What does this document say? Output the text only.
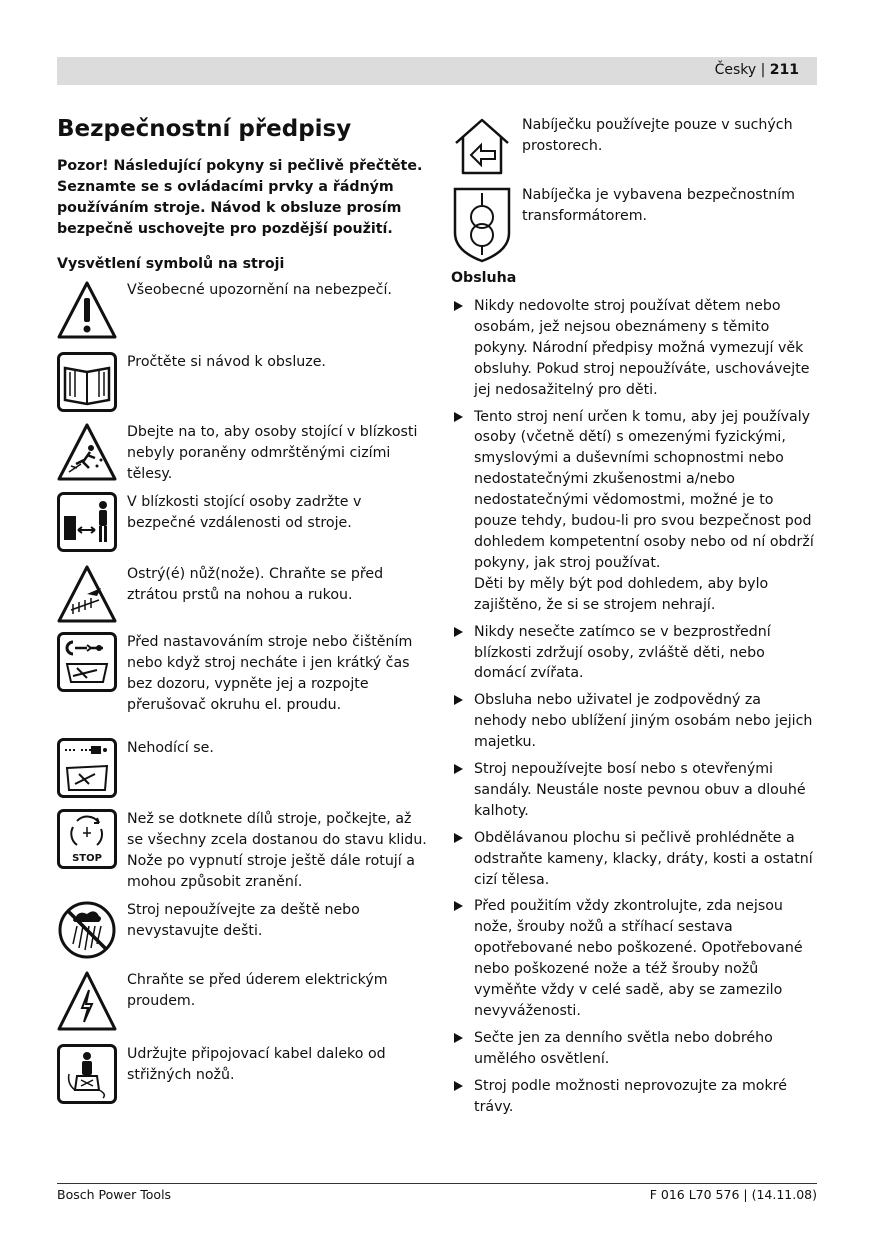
Česky | 211
Bezpečnostní předpisy

Pozor! Následující pokyny si pečlivě přečtěte. Seznamte se s ovládacími prvky a řádným používáním stroje. Návod k obsluze prosím bezpečně uschovejte pro pozdější použití.

Vysvětlení symbolů na stroji

Všeobecné upozornění na nebezpečí.
Pročtěte si návod k obsluze.
Dbejte na to, aby osoby stojící v blízkosti nebyly poraněny odmrštěnými cizími tělesy.
V blízkosti stojící osoby zadržte v bezpečné vzdálenosti od stroje.
Ostrý(é) nůž(nože). Chraňte se před ztrátou prstů na nohou a rukou.
Před nastavováním stroje nebo čištěním nebo když stroj necháte i jen krátký čas bez dozoru, vypněte jej a rozpojte přerušovač okruhu el. proudu.
Nehodící se.
STOP
Než se dotknete dílů stroje, počkejte, až se všechny zcela dostanou do stavu klidu. Nože po vypnutí stroje ještě dále rotují a mohou způsobit zranění.
Stroj nepoužívejte za deště nebo nevystavujte dešti.
Chraňte se před úderem elektrickým proudem.
Udržujte připojovací kabel daleko od střižných nožů.
Nabíječku používejte pouze v suchých prostorech.
Nabíječka je vybavena bezpečnostním transformátorem.
Obsluha
Nikdy nedovolte stroj používat dětem nebo osobám, jež nejsou obeznámeny s těmito pokyny. Národní předpisy možná vymezují věk obsluhy. Pokud stroj nepoužíváte, uschovávejte jej nedosažitelný pro děti.
Tento stroj není určen k tomu, aby jej používaly osoby (včetně dětí) s omezenými fyzickými, smyslovými a duševními schopnostmi nebo nedostatečnými zkušenostmi a/nebo nedostatečnými vědomostmi, možné je to pouze tehdy, budou-li pro svou bezpečnost pod dohledem kompetentní osoby nebo od ní obdrží pokyny, jak stroj používat.
Děti by měly být pod dohledem, aby bylo zajištěno, že si se strojem nehrají.
Nikdy nesečte zatímco se v bezprostřední blízkosti zdržují osoby, zvláště děti, nebo domácí zvířata.
Obsluha nebo uživatel je zodpovědný za nehody nebo ublížení jiným osobám nebo jejich majetku.
Stroj nepoužívejte bosí nebo s otevřenými sandály. Neustále noste pevnou obuv a dlouhé kalhoty.
Obdělávanou plochu si pečlivě prohlédněte a odstraňte kameny, klacky, dráty, kosti a ostatní cizí tělesa.
Před použitím vždy zkontrolujte, zda nejsou nože, šrouby nožů a stříhací sestava opotřebované nebo poškozené. Opotřebované nebo poškozené nože a též šrouby nožů vyměňte vždy v celé sadě, aby se zamezilo nevyváženosti.
Sečte jen za denního světla nebo dobrého umělého osvětlení.
Stroj podle možnosti neprovozujte za mokré trávy.
Bosch Power Tools	F 016 L70 576 | (14.11.08)
